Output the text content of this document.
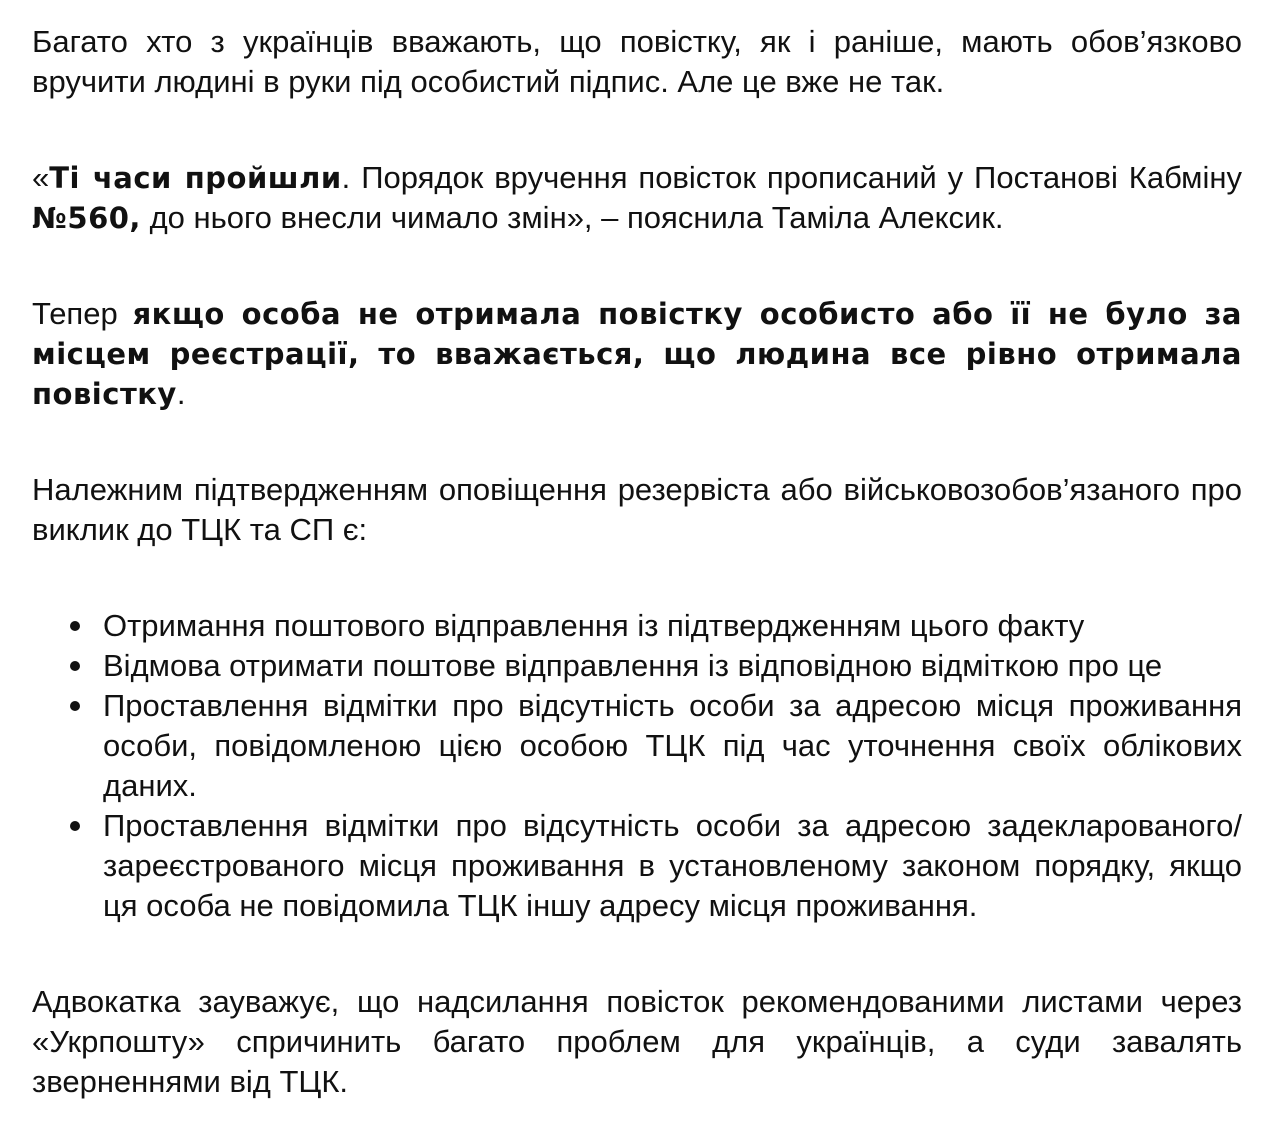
Багато хто з українців вважають, що повістку, як і раніше, мають обов’язково вручити людині в руки під особистий підпис. Але це вже не так.

«Ті часи пройшли. Порядок вручення повісток прописаний у Постанові Кабміну №560, до нього внесли чимало змін», – пояснила Таміла Алексик.

Тепер якщо особа не отримала повістку особисто або її не було за місцем реєстрації, то вважається, що людина все рівно отримала повістку.

Належним підтвердженням оповіщення резервіста або військовозобов’язаного про виклик до ТЦК та СП є:

Отримання поштового відправлення із підтвердженням цього факту
Відмова отримати поштове відправлення із відповідною відміткою про це
Проставлення відмітки про відсутність особи за адресою місця проживання особи, повідомленою цією особою ТЦК під час уточнення своїх облікових даних.
Проставлення відмітки про відсутність особи за адресою задекларованого/зареєстрованого місця проживання в установленому законом порядку, якщо ця особа не повідомила ТЦК іншу адресу місця проживання.

Адвокатка зауважує, що надсилання повісток рекомендованими листами через «Укрпошту» спричинить багато проблем для українців, а суди завалять зверненнями від ТЦК.
